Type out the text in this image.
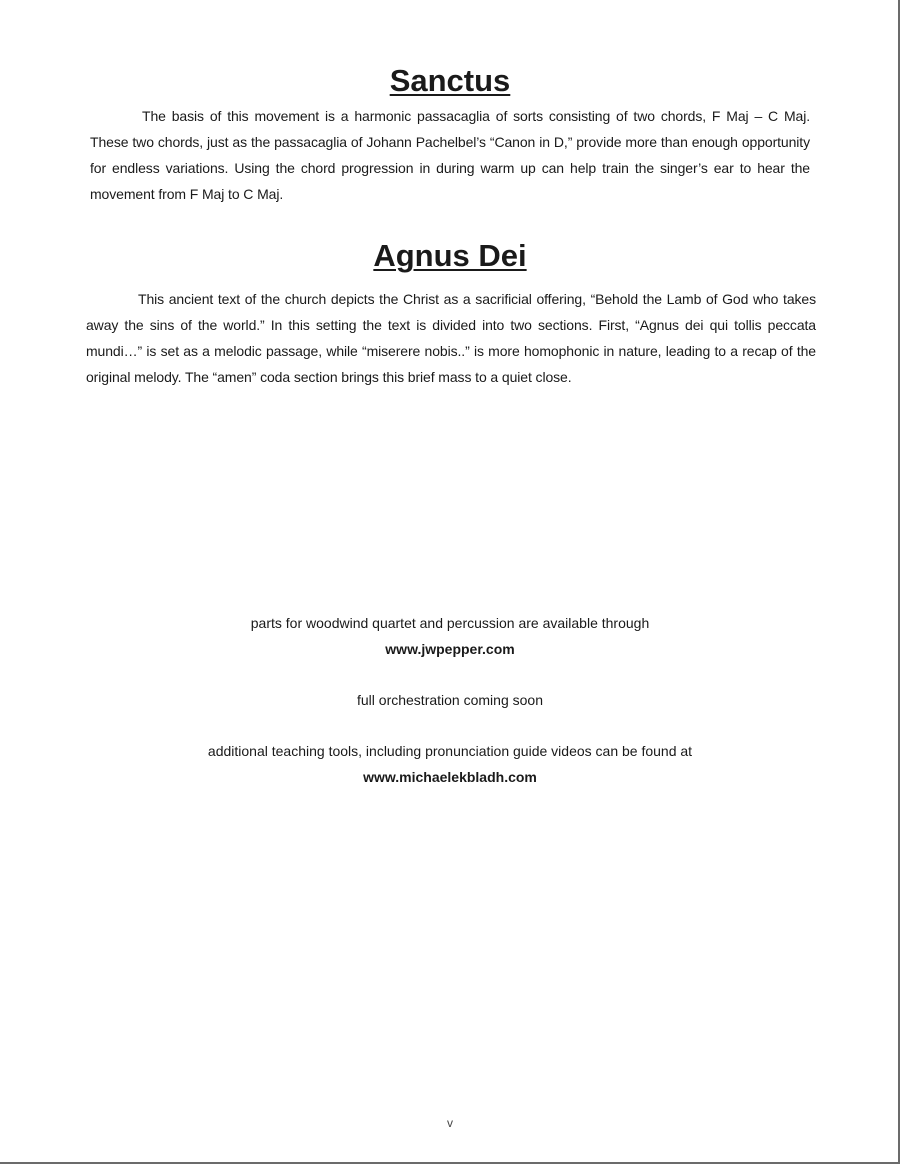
Sanctus

The basis of this movement is a harmonic passacaglia of sorts consisting of two chords, F Maj – C Maj. These two chords, just as the passacaglia of Johann Pachelbel’s “Canon in D,” provide more than enough opportunity for endless variations. Using the chord progression in during warm up can help train the singer’s ear to hear the movement from F Maj to C Maj.

Agnus Dei

This ancient text of the church depicts the Christ as a sacrificial offering, “Behold the Lamb of God who takes away the sins of the world.” In this setting the text is divided into two sections. First, “Agnus dei qui tollis peccata mundi…” is set as a melodic passage, while “miserere nobis..” is more homophonic in nature, leading to a recap of the original melody. The “amen” coda section brings this brief mass to a quiet close.

parts for woodwind quartet and percussion are available through

www.jwpepper.com

full orchestration coming soon

additional teaching tools, including pronunciation guide videos can be found at

www.michaelekbladh.com

v
